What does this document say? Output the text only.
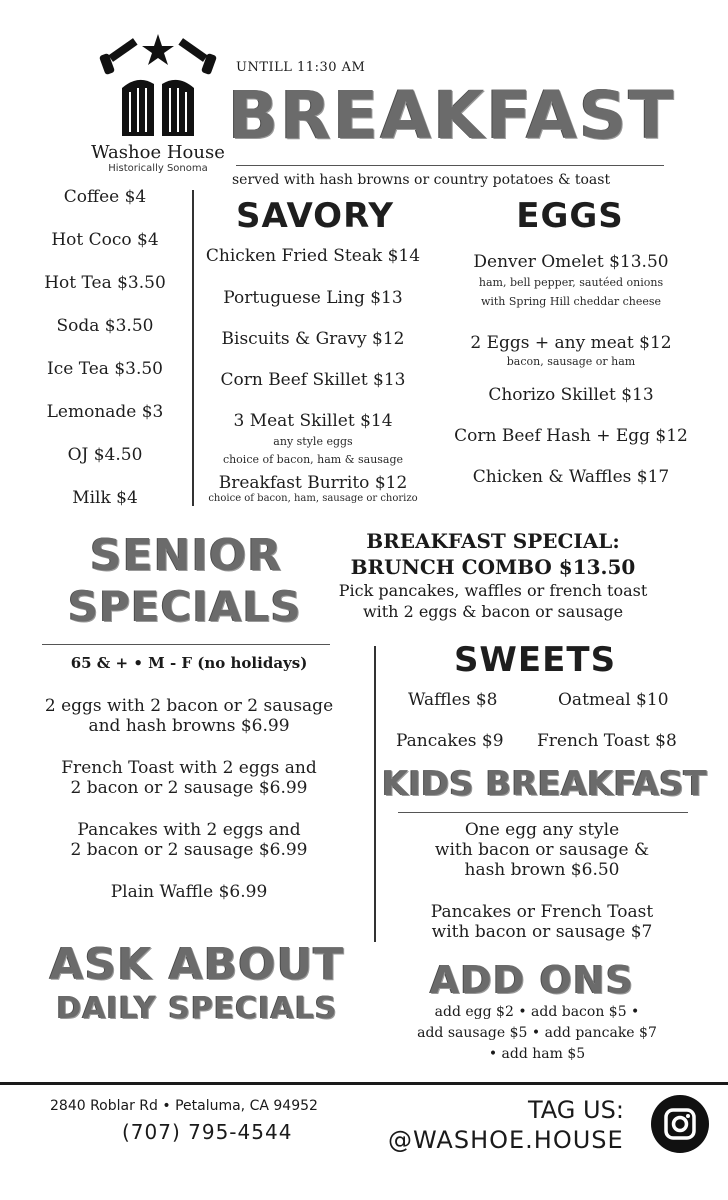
Washoe House
Historically Sonoma
UNTILL 11:30 AM
BREAKFAST
served with hash browns or country potatoes & toast
Coffee $4
Hot Coco $4
Hot Tea $3.50
Soda $3.50
Ice Tea $3.50
Lemonade $3
OJ $4.50
Milk $4
SAVORY
Chicken Fried Steak $14
Portuguese Ling $13
Biscuits & Gravy $12
Corn Beef Skillet $13
3 Meat Skillet $14
any style eggs
choice of bacon, ham & sausage
Breakfast Burrito $12
choice of bacon, ham, sausage or chorizo
EGGS
Denver Omelet $13.50
ham, bell pepper, sautéed onions
with Spring Hill cheddar cheese
2 Eggs + any meat $12
bacon, sausage or ham
Chorizo Skillet $13
Corn Beef Hash + Egg $12
Chicken & Waffles $17
SENIOR
SPECIALS
BREAKFAST SPECIAL:
BRUNCH COMBO $13.50
Pick pancakes, waffles or french toast
with 2 eggs & bacon or sausage
65 & + • M - F (no holidays)
2 eggs with 2 bacon or 2 sausage
and hash browns $6.99
French Toast with 2 eggs and
2 bacon or 2 sausage $6.99
Pancakes with 2 eggs and
2 bacon or 2 sausage $6.99
Plain Waffle $6.99
SWEETS
Waffles $8	Oatmeal $10
Pancakes $9 French Toast $8
KIDS BREAKFAST
One egg any style
with bacon or sausage &
hash brown $6.50
Pancakes or French Toast
with bacon or sausage $7
ASK ABOUT
DAILY SPECIALS
ADD ONS
add egg $2 • add bacon $5 •
add sausage $5 • add pancake $7
• add ham $5
2840 Roblar Rd • Petaluma, CA 94952
(707) 795-4544
TAG US:
@WASHOE.HOUSE
